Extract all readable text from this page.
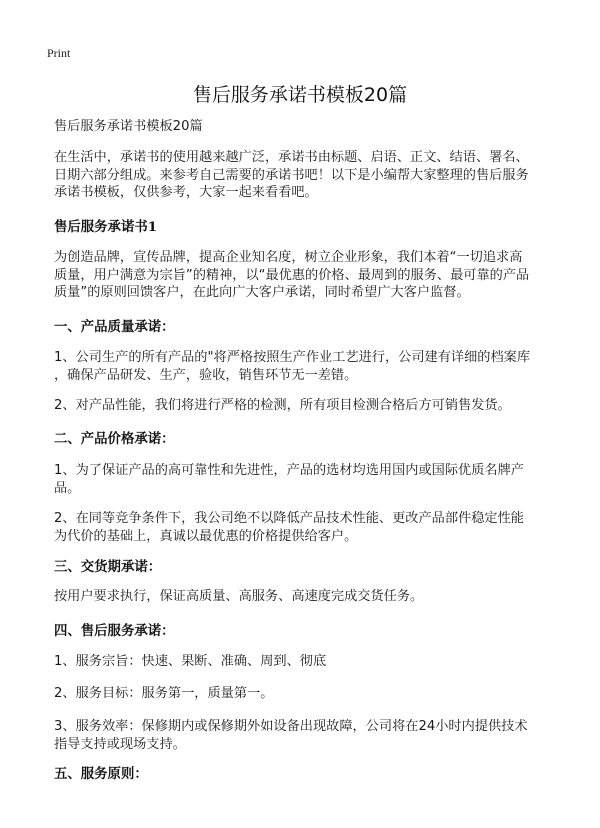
Print
售后服务承诺书模板20篇
售后服务承诺书模板20篇
在生活中，承诺书的使用越来越广泛，承诺书由标题、启语、正文、结语、署名、
日期六部分组成。来参考自己需要的承诺书吧！以下是小编帮大家整理的售后服务
承诺书模板，仅供参考，大家一起来看看吧。
售后服务承诺书1
为创造品牌，宣传品牌，提高企业知名度，树立企业形象，我们本着“一切追求高
质量，用户满意为宗旨”的精神，以“最优惠的价格、最周到的服务、最可靠的产品
质量”的原则回馈客户，在此向广大客户承诺，同时希望广大客户监督。
一、产品质量承诺：
1、公司生产的所有产品的"将严格按照生产作业工艺进行，公司建有详细的档案库
，确保产品研发、生产，验收，销售环节无一差错。
2、对产品性能，我们将进行严格的检测，所有项目检测合格后方可销售发货。
二、产品价格承诺：
1、为了保证产品的高可靠性和先进性，产品的选材均选用国内或国际优质名牌产
品。
2、在同等竞争条件下，我公司绝不以降低产品技术性能、更改产品部件稳定性能
为代价的基础上，真诚以最优惠的价格提供给客户。
三、交货期承诺：
按用户要求执行，保证高质量、高服务、高速度完成交货任务。
四、售后服务承诺：
1、服务宗旨：快速、果断、准确、周到、彻底
2、服务目标：服务第一，质量第一。
3、服务效率：保修期内或保修期外如设备出现故障，公司将在24小时内提供技术
指导支持或现场支持。
五、服务原则：
